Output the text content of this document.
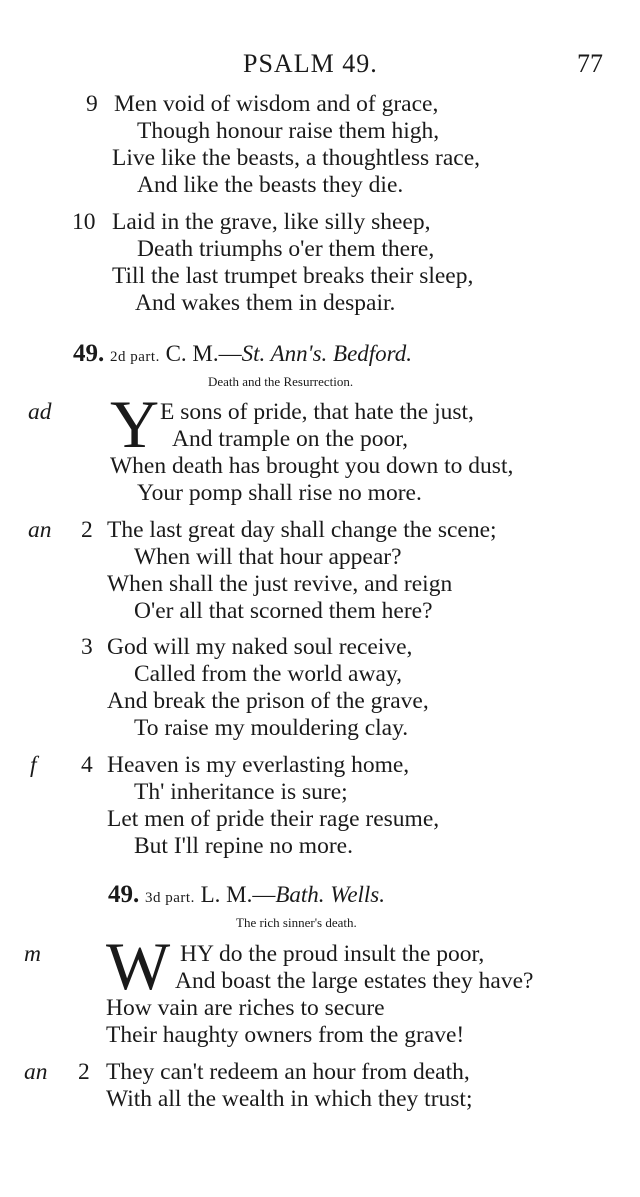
PSALM 49.	77
9 Men void of wisdom and of grace,
Though honour raise them high,
Live like the beasts, a thoughtless race,
And like the beasts they die.
10 Laid in the grave, like silly sheep,
Death triumphs o'er them there,
Till the last trumpet breaks their sleep,
And wakes them in despair.
49. 2d part. C. M.—St. Ann's. Bedford.
Death and the Resurrection.
ad Y E sons of pride, that hate the just,
And trample on the poor,
When death has brought you down to dust,
Your pomp shall rise no more.
an 2 The last great day shall change the scene;
When will that hour appear?
When shall the just revive, and reign
O'er all that scorned them here?
3 God will my naked soul receive,
Called from the world away,
And break the prison of the grave,
To raise my mouldering clay.
f 4 Heaven is my everlasting home,
Th' inheritance is sure;
Let men of pride their rage resume,
But I'll repine no more.
49. 3d part. L. M.—Bath. Wells.
The rich sinner's death.
m W HY do the proud insult the poor,
And boast the large estates they have?
How vain are riches to secure
Their haughty owners from the grave!
an 2 They can't redeem an hour from death,
With all the wealth in which they trust;
